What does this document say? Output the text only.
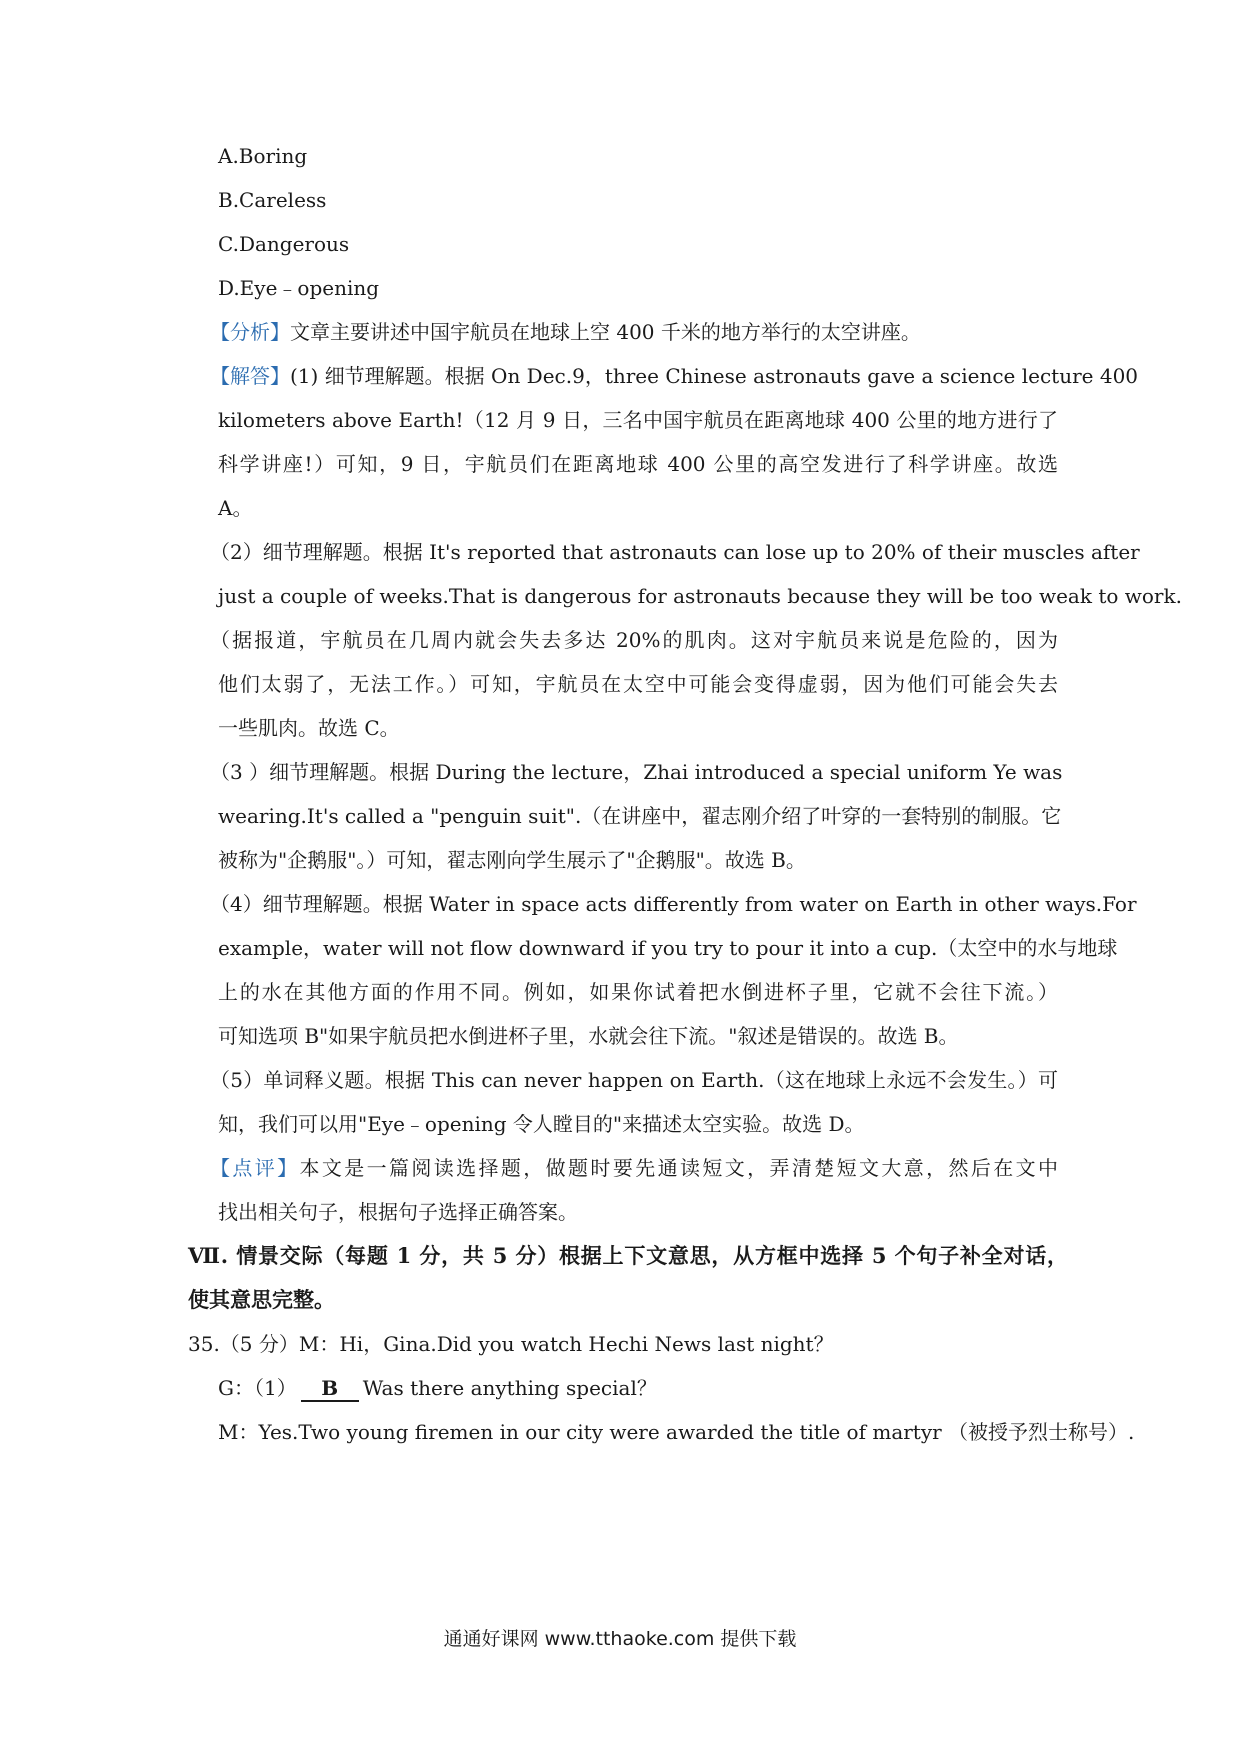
A.Boring
B.Careless
C.Dangerous
D.Eye﹣opening
【分析】文章主要讲述中国宇航员在地球上空 400 千米的地方举行的太空讲座。
【解答】(1) 细节理解题。根据 On Dec.9，three Chinese astronauts gave a science lecture 400
kilometers above Earth!（12 月 9 日，三名中国宇航员在距离地球 400 公里的地方进行了
科学讲座!）可知，9 日，宇航员们在距离地球 400 公里的高空发进行了科学讲座。故选
A。
（2）细节理解题。根据 It's reported that astronauts can lose up to 20% of their muscles after
just a couple of weeks.That is dangerous for astronauts because they will be too weak to work.
（据报道，宇航员在几周内就会失去多达 20%的肌肉。这对宇航员来说是危险的，因为
他们太弱了，无法工作。）可知，宇航员在太空中可能会变得虚弱，因为他们可能会失去
一些肌肉。故选 C。
（3 ）细节理解题。根据 During the lecture，Zhai introduced a special uniform Ye was
wearing.It's called a "penguin suit".（在讲座中，翟志刚介绍了叶穿的一套特别的制服。它
被称为"企鹅服"。）可知，翟志刚向学生展示了"企鹅服"。故选 B。
（4）细节理解题。根据 Water in space acts differently from water on Earth in other ways.For
example，water will not flow downward if you try to pour it into a cup.（太空中的水与地球
上的水在其他方面的作用不同。例如，如果你试着把水倒进杯子里，它就不会往下流。）
可知选项 B"如果宇航员把水倒进杯子里，水就会往下流。"叙述是错误的。故选 B。
（5）单词释义题。根据 This can never happen on Earth.（这在地球上永远不会发生。）可
知，我们可以用"Eye﹣opening 令人瞠目的"来描述太空实验。故选 D。
【点评】本文是一篇阅读选择题，做题时要先通读短文，弄清楚短文大意，然后在文中
找出相关句子，根据句子选择正确答案。
Ⅶ. 情景交际（每题 1 分，共 5 分）根据上下文意思，从方框中选择 5 个句子补全对话，
使其意思完整。
35.（5 分）M：Hi，Gina.Did you watch Hechi News last night？
G：（1） B Was there anything special？
M：Yes.Two young firemen in our city were awarded the title of martyr （被授予烈士称号）.
通通好课网 www.tthaoke.com 提供下载
